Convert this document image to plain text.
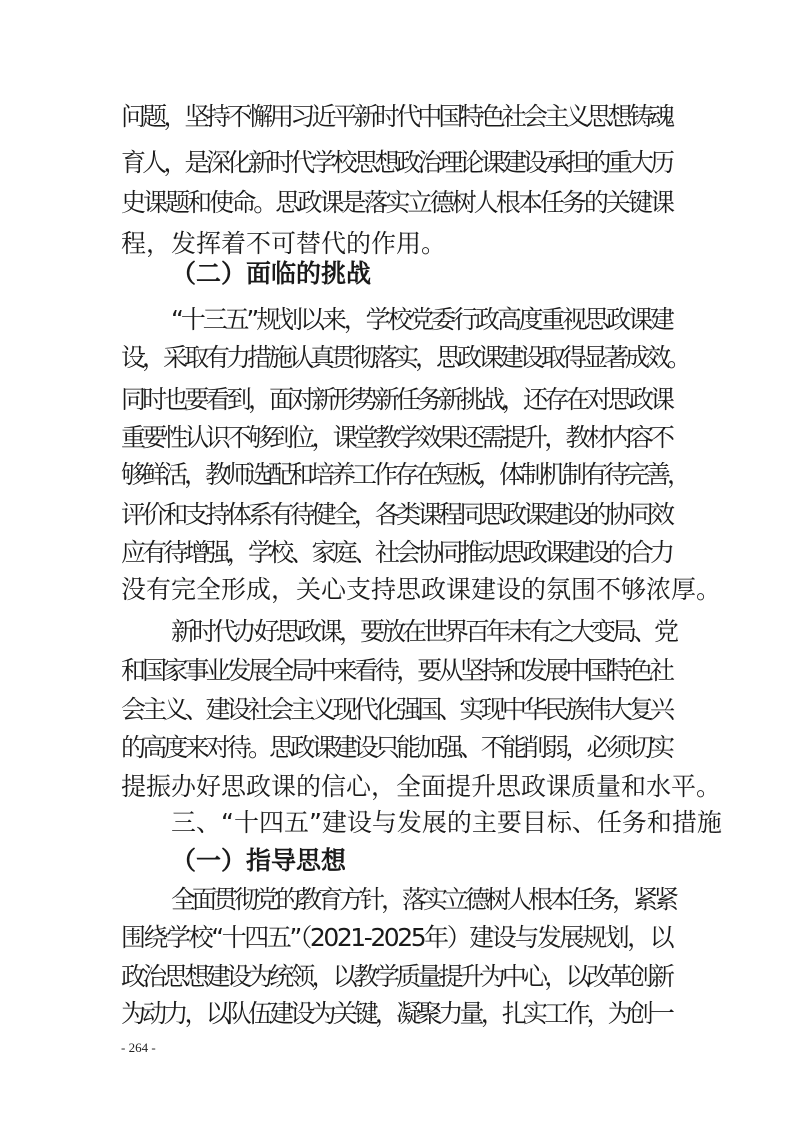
问题，坚持不懈用习近平新时代中国特色社会主义思想铸魂
育人，是深化新时代学校思想政治理论课建设承担的重大历
史课题和使命。思政课是落实立德树人根本任务的关键课
程，发挥着不可替代的作用。
（二）面临的挑战
“十三五”规划以来，学校党委行政高度重视思政课建
设，采取有力措施认真贯彻落实，思政课建设取得显著成效。
同时也要看到，面对新形势新任务新挑战，还存在对思政课
重要性认识不够到位，课堂教学效果还需提升，教材内容不
够鲜活，教师选配和培养工作存在短板，体制机制有待完善，
评价和支持体系有待健全，各类课程同思政课建设的协同效
应有待增强，学校、家庭、社会协同推动思政课建设的合力
没有完全形成，关心支持思政课建设的氛围不够浓厚。
新时代办好思政课，要放在世界百年未有之大变局、党
和国家事业发展全局中来看待，要从坚持和发展中国特色社
会主义、建设社会主义现代化强国、实现中华民族伟大复兴
的高度来对待。思政课建设只能加强、不能削弱，必须切实
提振办好思政课的信心，全面提升思政课质量和水平。
三、“十四五”建设与发展的主要目标、任务和措施
（一）指导思想
全面贯彻党的教育方针，落实立德树人根本任务，紧紧
围绕学校“十四五”（2021-2025年）建设与发展规划，以
政治思想建设为统领，以教学质量提升为中心，以改革创新
为动力，以队伍建设为关键，凝聚力量，扎实工作，为创一
- 264 -
